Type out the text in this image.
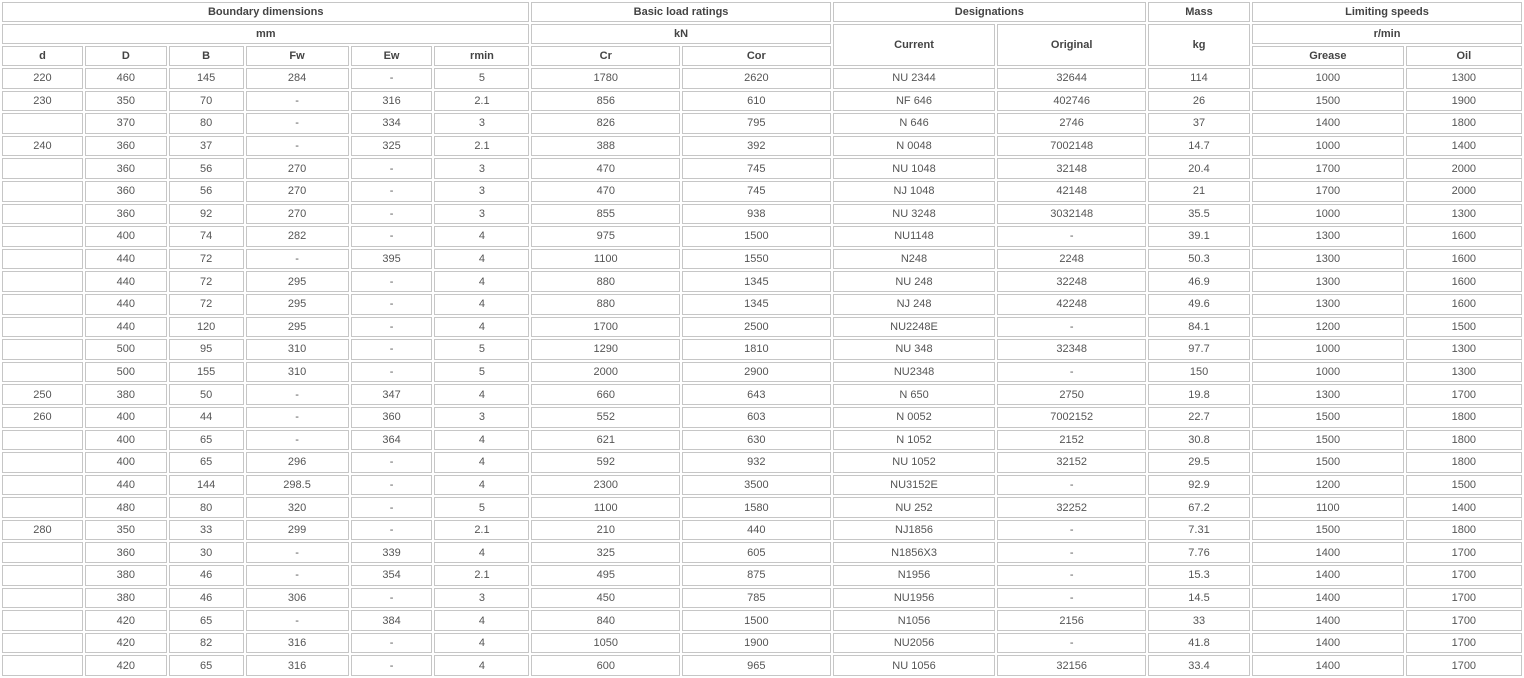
Boundary dimensions						Basic load ratings		Designations		Mass	Limiting speeds	
mm						kN		Current	Original	kg	r/min	
d	D	B	Fw	Ew	rmin	Cr	Cor				Grease	Oil
220	460	145	284	-	5	1780	2620	NU 2344	32644	114	1000	1300
230	350	70	-	316	2.1	856	610	NF 646	402746	26	1500	1900
	370	80	-	334	3	826	795	N 646	2746	37	1400	1800
240	360	37	-	325	2.1	388	392	N 0048	7002148	14.7	1000	1400
	360	56	270	-	3	470	745	NU 1048	32148	20.4	1700	2000
	360	56	270	-	3	470	745	NJ 1048	42148	21	1700	2000
	360	92	270	-	3	855	938	NU 3248	3032148	35.5	1000	1300
	400	74	282	-	4	975	1500	NU1148	-	39.1	1300	1600
	440	72	-	395	4	1100	1550	N248	2248	50.3	1300	1600
	440	72	295	-	4	880	1345	NU 248	32248	46.9	1300	1600
	440	72	295	-	4	880	1345	NJ 248	42248	49.6	1300	1600
	440	120	295	-	4	1700	2500	NU2248E	-	84.1	1200	1500
	500	95	310	-	5	1290	1810	NU 348	32348	97.7	1000	1300
	500	155	310	-	5	2000	2900	NU2348	-	150	1000	1300
250	380	50	-	347	4	660	643	N 650	2750	19.8	1300	1700
260	400	44	-	360	3	552	603	N 0052	7002152	22.7	1500	1800
	400	65	-	364	4	621	630	N 1052	2152	30.8	1500	1800
	400	65	296	-	4	592	932	NU 1052	32152	29.5	1500	1800
	440	144	298.5	-	4	2300	3500	NU3152E	-	92.9	1200	1500
	480	80	320	-	5	1100	1580	NU 252	32252	67.2	1100	1400
280	350	33	299	-	2.1	210	440	NJ1856	-	7.31	1500	1800
	360	30	-	339	4	325	605	N1856X3	-	7.76	1400	1700
	380	46	-	354	2.1	495	875	N1956	-	15.3	1400	1700
	380	46	306	-	3	450	785	NU1956	-	14.5	1400	1700
	420	65	-	384	4	840	1500	N1056	2156	33	1400	1700
	420	82	316	-	4	1050	1900	NU2056	-	41.8	1400	1700
	420	65	316	-	4	600	965	NU 1056	32156	33.4	1400	1700
